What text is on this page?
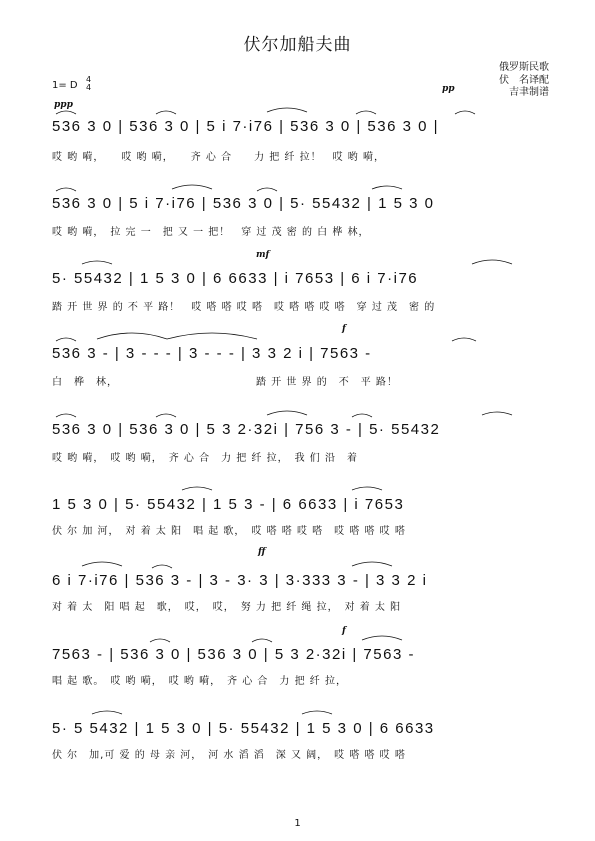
伏尔加船夫曲
俄罗斯民歌
伏　名译配
吉聿制谱
1= D
4
4
ppp
pp
mf
f
ff
f
536 3 0 | 536 3 0 | 5 i 7·i76 | 536 3 0 | 536 3 0 |
哎 哟 嗬，　　哎 哟 嗬，　　齐 心 合　　力 把 纤 拉！　哎 哟 嗬，
536 3 0 | 5 i 7·i76 | 536 3 0 | 5· 55432 | 1 5 3 0
哎 哟 嗬，　拉 完 一　把 又 一 把！　穿 过 茂 密 的 白 桦 林，
5· 55432 | 1 5 3 0 | 6 6633 | i 7653 | 6 i 7·i76
踏 开 世 界 的 不 平 路！　哎 嗒 嗒 哎 嗒　哎 嗒 嗒 哎 嗒　穿 过 茂　密 的
536 3 - | 3 - - - | 3 - - - | 3 3 2 i | 7563 -
白　桦　林，　　　　　　　　　　　　　踏 开 世 界 的　不　平 路！
536 3 0 | 536 3 0 | 5 3 2·32i | 756 3 - | 5· 55432
哎 哟 嗬，　哎 哟 嗬，　齐 心 合　力 把 纤 拉，　我 们 沿　着
1 5 3 0 | 5· 55432 | 1 5 3 - | 6 6633 | i 7653
伏 尔 加 河，　对 着 太 阳　唱 起 歌，　哎 嗒 嗒 哎 嗒　哎 嗒 嗒 哎 嗒
6 i 7·i76 | 536 3 - | 3 - 3· 3 | 3·333 3 - | 3 3 2 i
对 着 太　阳 唱 起　歌，　哎，　哎，　努 力 把 纤 绳 拉，　对 着 太 阳
7563 - | 536 3 0 | 536 3 0 | 5 3 2·32i | 7563 -
唱 起 歌。　哎 哟 嗬，　哎 哟 嗬，　齐 心 合　力 把 纤 拉，
5· 5 5432 | 1 5 3 0 | 5· 55432 | 1 5 3 0 | 6 6633
伏 尔　加,可 爱 的 母 亲 河，　河 水 滔 滔　深 又 阔，　哎 嗒 嗒 哎 嗒
1
